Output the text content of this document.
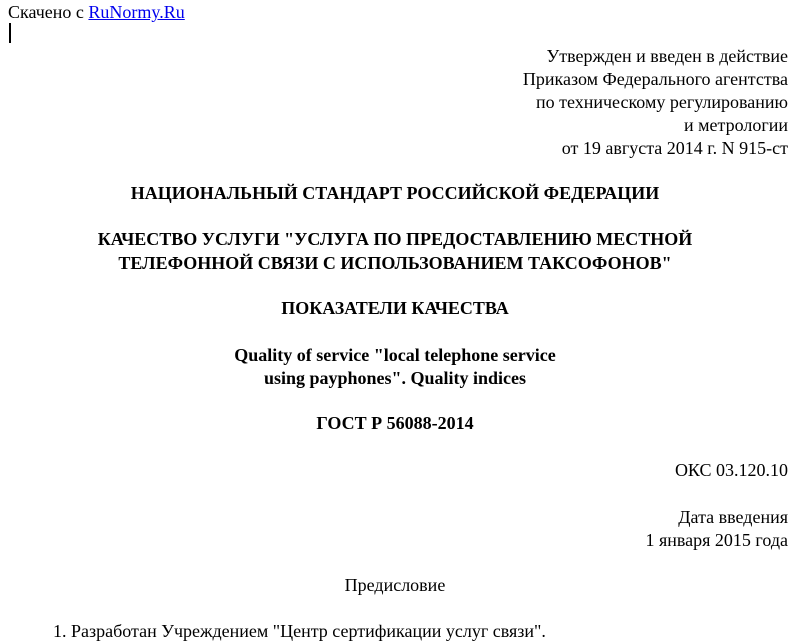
Скачено с RuNormy.Ru
Утвержден и введен в действие
Приказом Федерального агентства
по техническому регулированию
и метрологии
от 19 августа 2014 г. N 915-ст
НАЦИОНАЛЬНЫЙ СТАНДАРТ РОССИЙСКОЙ ФЕДЕРАЦИИ
КАЧЕСТВО УСЛУГИ "УСЛУГА ПО ПРЕДОСТАВЛЕНИЮ МЕСТНОЙ
ТЕЛЕФОННОЙ СВЯЗИ С ИСПОЛЬЗОВАНИЕМ ТАКСОФОНОВ"
ПОКАЗАТЕЛИ КАЧЕСТВА
Quality of service "local telephone service
using payphones". Quality indices
ГОСТ Р 56088-2014
ОКС 03.120.10
Дата введения
1 января 2015 года
Предисловие
1. Разработан Учреждением "Центр сертификации услуг связи".
